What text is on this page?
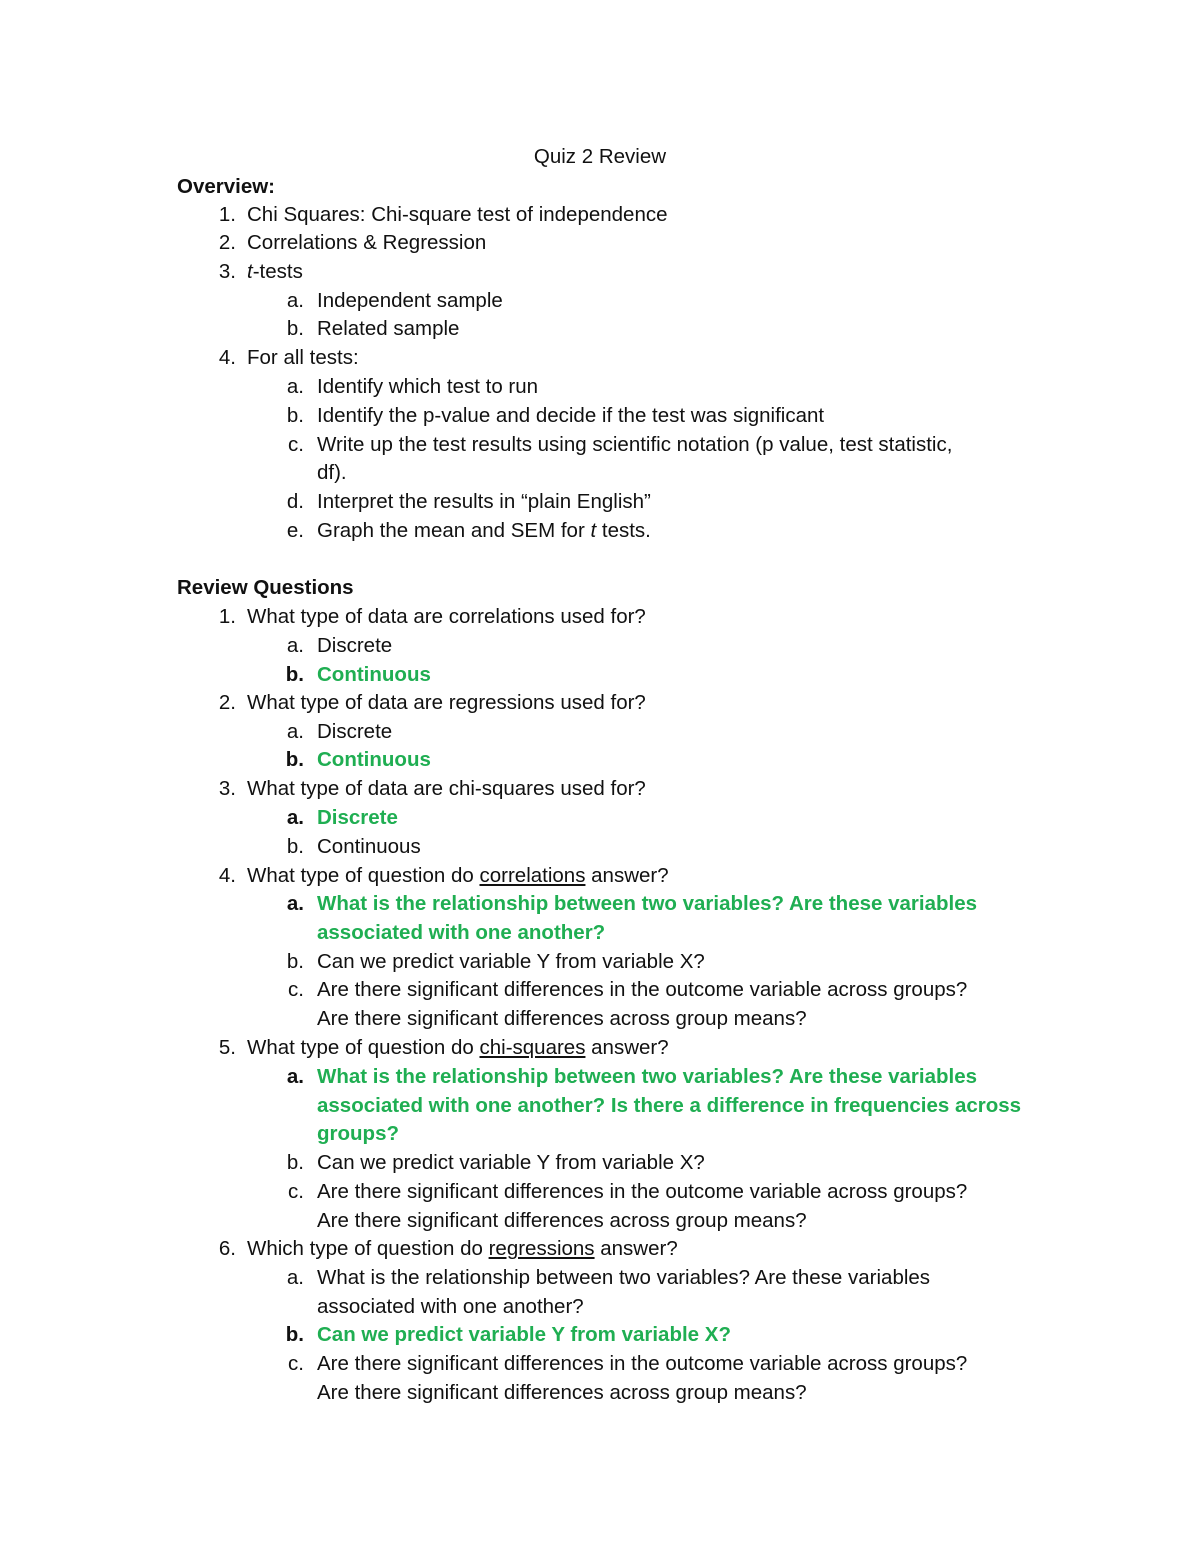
Quiz 2 Review
Overview:
1. Chi Squares: Chi-square test of independence
2. Correlations & Regression
3. t-tests
a. Independent sample
b. Related sample
4. For all tests:
a. Identify which test to run
b. Identify the p-value and decide if the test was significant
c. Write up the test results using scientific notation (p value, test statistic,
df).
d. Interpret the results in “plain English”
e. Graph the mean and SEM for t tests.
Review Questions
1. What type of data are correlations used for?
a. Discrete
b. Continuous
2. What type of data are regressions used for?
a. Discrete
b. Continuous
3. What type of data are chi-squares used for?
a. Discrete
b. Continuous
4. What type of question do correlations answer?
a. What is the relationship between two variables? Are these variables
associated with one another?
b. Can we predict variable Y from variable X?
c. Are there significant differences in the outcome variable across groups?
Are there significant differences across group means?
5. What type of question do chi-squares answer?
a. What is the relationship between two variables? Are these variables
associated with one another? Is there a difference in frequencies across
groups?
b. Can we predict variable Y from variable X?
c. Are there significant differences in the outcome variable across groups?
Are there significant differences across group means?
6. Which type of question do regressions answer?
a. What is the relationship between two variables? Are these variables
associated with one another?
b. Can we predict variable Y from variable X?
c. Are there significant differences in the outcome variable across groups?
Are there significant differences across group means?
